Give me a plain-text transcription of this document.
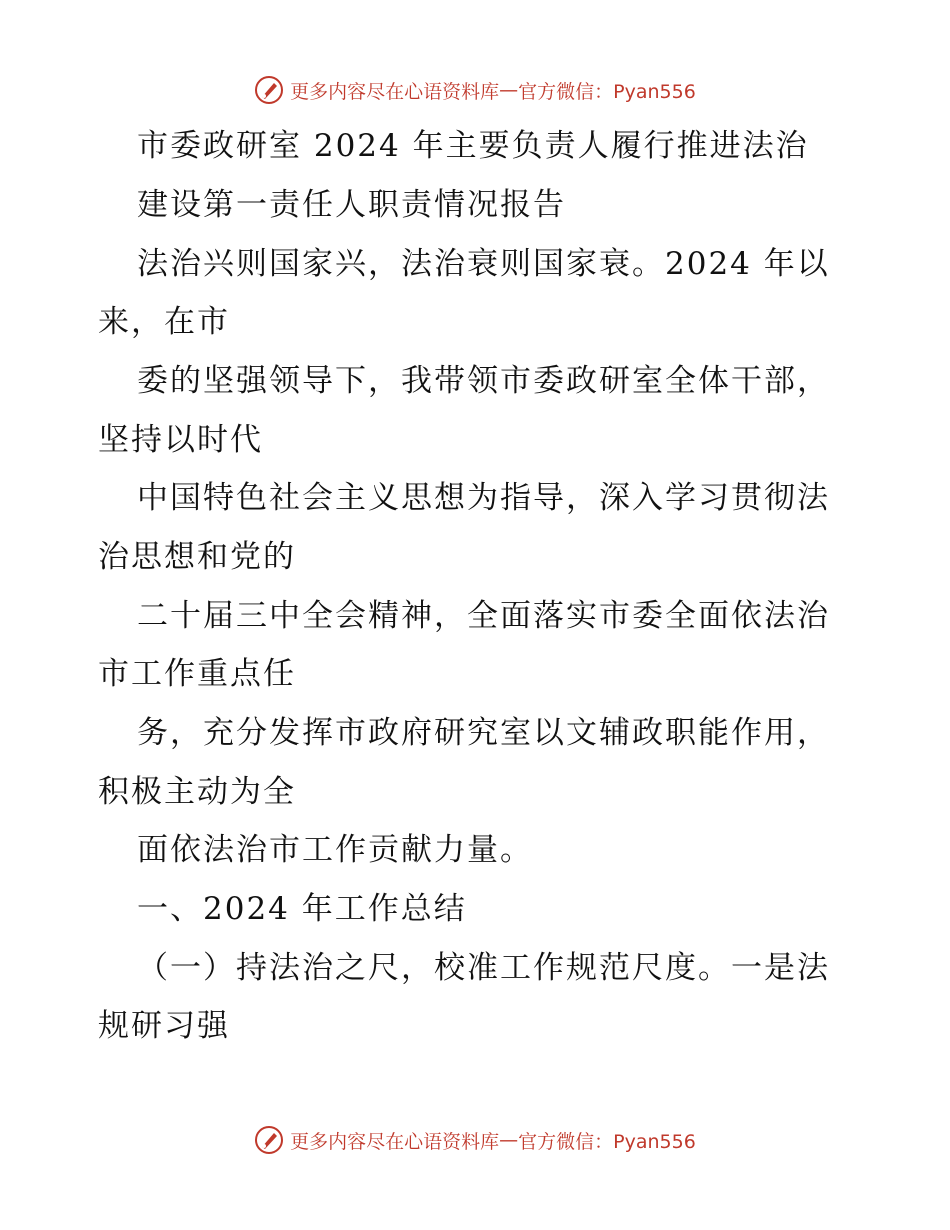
更多内容尽在心语资料库 — 官方微信：Pyan556
市委政研室 2024 年主要负责人履行推进法治
建设第一责任人职责情况报告
法治兴则国家兴，法治衰则国家衰。2024 年以
来，在市
委的坚强领导下，我带领市委政研室全体干部，
坚持以时代
中国特色社会主义思想为指导，深入学习贯彻法
治思想和党的
二十届三中全会精神，全面落实市委全面依法治
市工作重点任
务，充分发挥市政府研究室以文辅政职能作用，
积极主动为全
面依法治市工作贡献力量。
一、2024 年工作总结
（一）持法治之尺，校准工作规范尺度。一是法
规研习强
更多内容尽在心语资料库 — 官方微信：Pyan556
